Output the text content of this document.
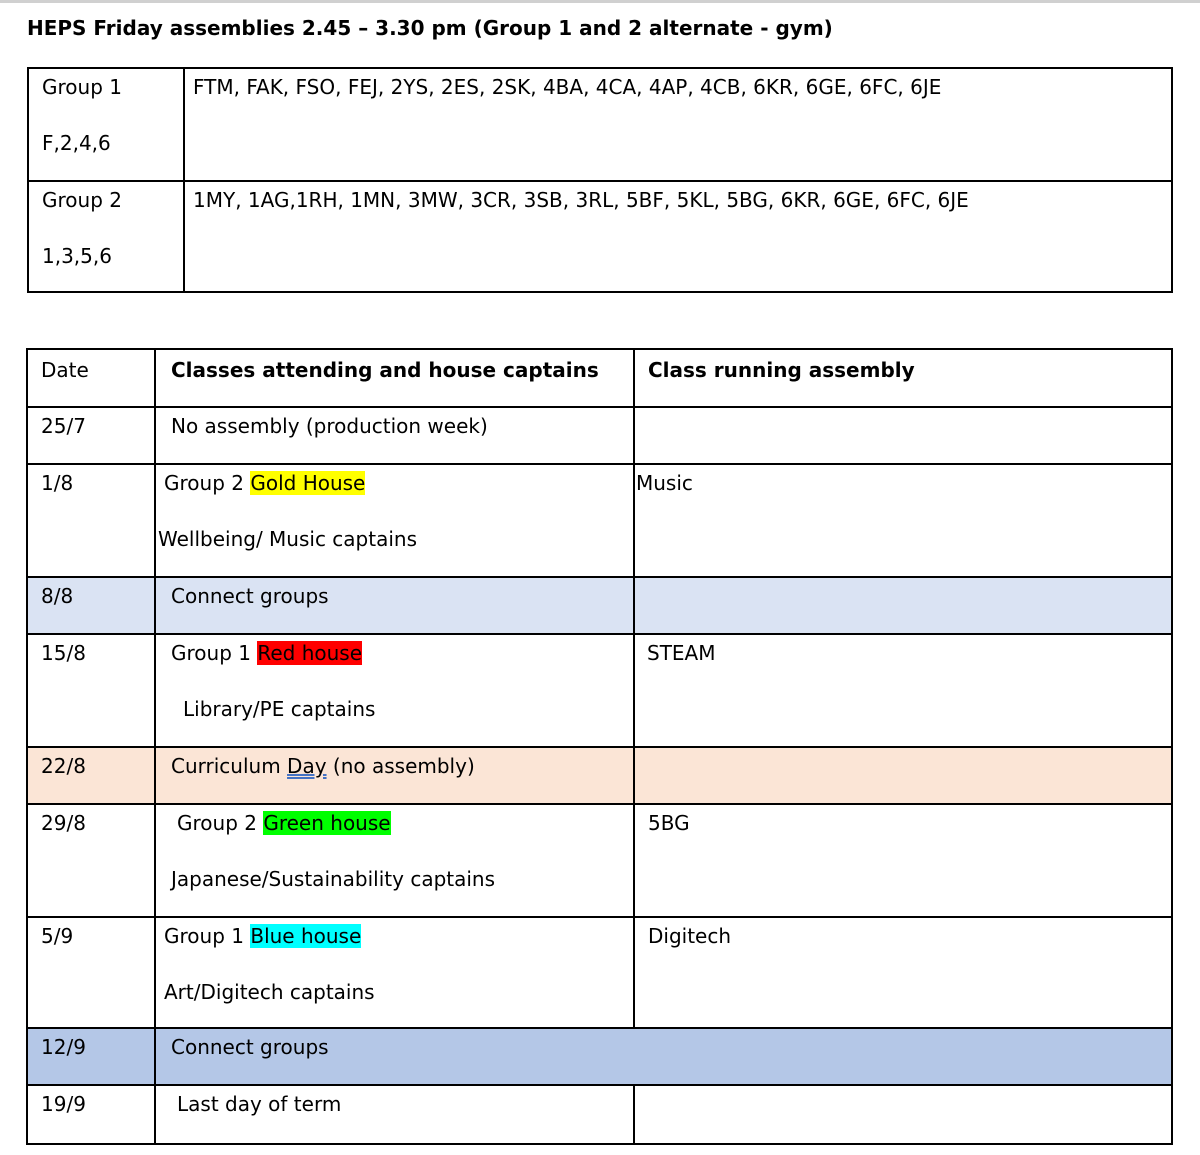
HEPS Friday assemblies 2.45 – 3.30 pm (Group 1 and 2 alternate - gym)
Group 1
F,2,4,6	FTM, FAK, FSO, FEJ, 2YS, 2ES, 2SK, 4BA, 4CA, 4AP, 4CB, 6KR, 6GE, 6FC, 6JE

Group 2
1,3,5,6	1MY, 1AG,1RH, 1MN, 3MW, 3CR, 3SB, 3RL, 5BF, 5KL, 5BG, 6KR, 6GE, 6FC, 6JE
Date	Classes attending and house captains	Class running assembly

25/7	No assembly (production week)	

1/8	Group 2 Gold House
Wellbeing/ Music captains	Music

8/8	Connect groups	

15/8	Group 1 Red house
Library/PE captains	STEAM

22/8	Curriculum Day (no assembly)	

29/8	Group 2 Green house
Japanese/Sustainability captains	5BG

5/9	Group 1 Blue house
Art/Digitech captains	Digitech

12/9	Connect groups	

19/9	Last day of term	
